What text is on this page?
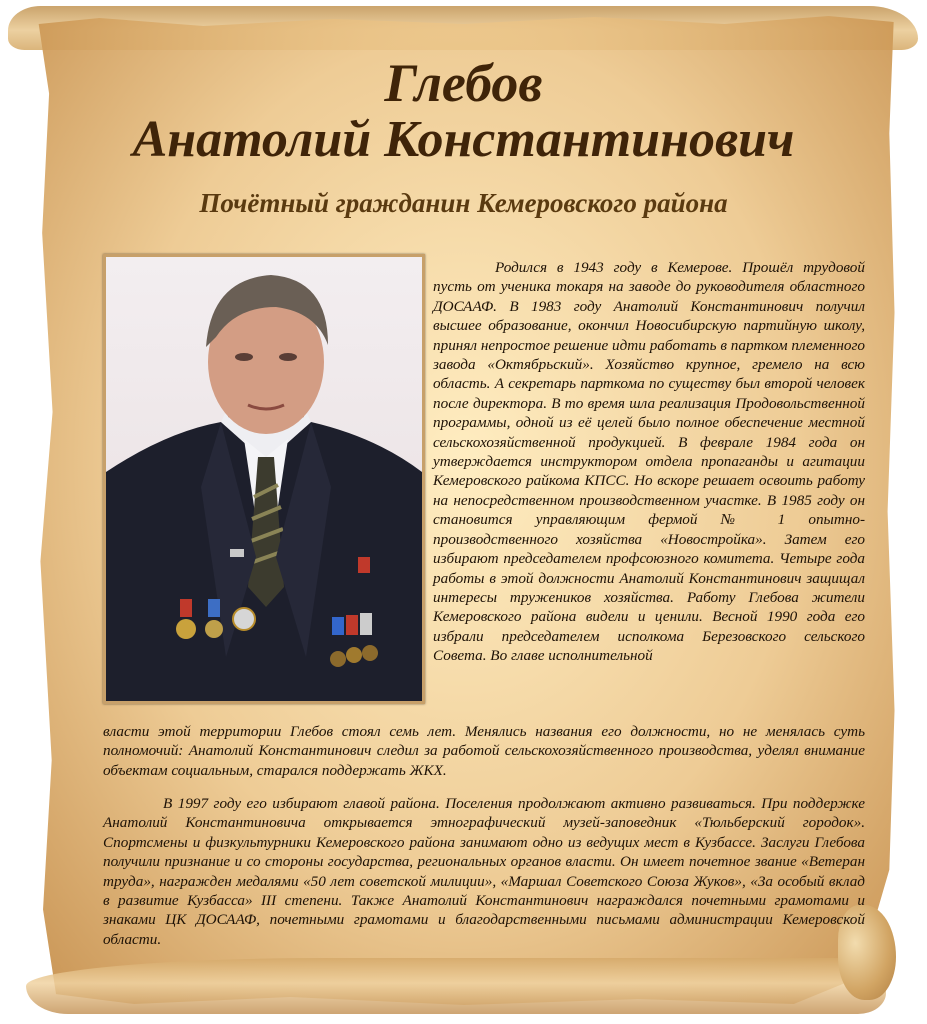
Глебов
Анатолий Константинович
Почётный гражданин Кемеровского района

Родился в 1943 году в Кемерове. Прошёл трудовой пусть от ученика токаря на заводе до руководителя областного ДОСААФ. В 1983 году Анатолий Константинович получил высшее образование, окончил Новосибирскую партийную школу, принял непростое решение идти работать в партком племенного завода «Октябрьский». Хозяйство крупное, гремело на всю область. А секретарь парткома по существу был второй человек после директора. В то время шла реализация Продовольственной программы, одной из её целей было полное обеспечение местной сельскохозяйственной продукцией. В феврале 1984 года он утверждается инструктором отдела пропаганды и агитации Кемеровского райкома КПСС. Но вскоре решает освоить работу на непосредственном производственном участке. В 1985 году он становится управляющим фермой № 1 опытно-производственного хозяйства «Новостройка». Затем его избирают председателем профсоюзного комитета. Четыре года работы в этой должности Анатолий Константинович защищал интересы тружеников хозяйства. Работу Глебова жители Кемеровского района видели и ценили. Весной 1990 года его избрали председателем исполкома Березовского сельского Совета. Во главе исполнительной

власти этой территории Глебов стоял семь лет. Менялись названия его должности, но не менялась суть полномочий: Анатолий Константинович следил за работой сельскохозяйственного производства, уделял внимание объектам социальным, старался поддержать ЖКХ.

В 1997 году его избирают главой района. Поселения продолжают активно развиваться. При поддержке Анатолий Константиновича открывается этнографический музей-заповедник «Тюльберский городок». Спортсмены и физкультурники Кемеровского района занимают одно из ведущих мест в Кузбассе. Заслуги Глебова получили признание и со стороны государства, региональных органов власти. Он имеет почетное звание «Ветеран труда», награжден медалями «50 лет советской милиции», «Маршал Советского Союза Жуков», «За особый вклад в развитие Кузбасса» III степени. Также Анатолий Константинович награждался почетными грамотами и знаками ЦК ДОСААФ, почетными грамотами и благодарственными письмами администрации Кемеровской области.
